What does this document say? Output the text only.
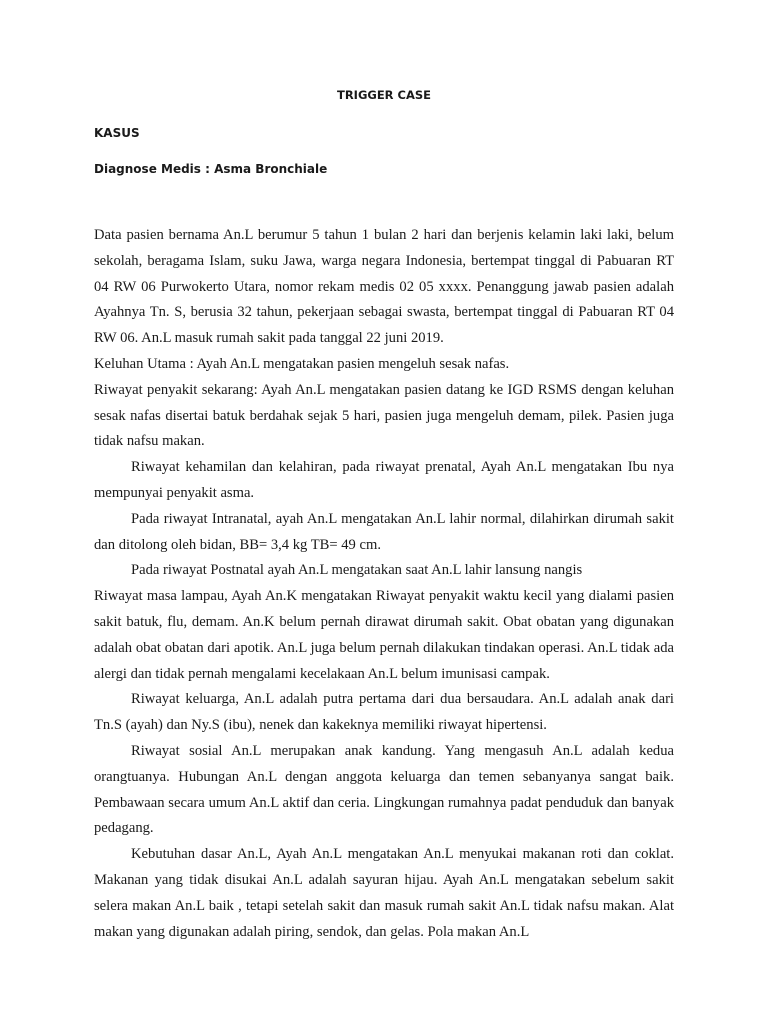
TRIGGER CASE
KASUS
Diagnose Medis : Asma Bronchiale

Data pasien bernama An.L berumur 5 tahun 1 bulan 2 hari dan berjenis kelamin laki laki, belum sekolah, beragama Islam, suku Jawa, warga negara Indonesia, bertempat tinggal di Pabuaran RT 04 RW 06 Purwokerto Utara, nomor rekam medis 02 05 xxxx. Penanggung jawab pasien adalah Ayahnya Tn. S, berusia 32 tahun, pekerjaan sebagai swasta, bertempat tinggal di Pabuaran RT 04 RW 06. An.L masuk rumah sakit pada tanggal 22 juni 2019.

Keluhan Utama : Ayah An.L mengatakan pasien mengeluh sesak nafas.

Riwayat penyakit sekarang: Ayah An.L mengatakan pasien datang ke IGD RSMS dengan keluhan sesak nafas disertai batuk berdahak sejak 5 hari, pasien juga mengeluh demam, pilek. Pasien juga tidak nafsu makan.

Riwayat kehamilan dan kelahiran, pada riwayat prenatal, Ayah An.L mengatakan Ibu nya mempunyai penyakit asma.

Pada riwayat Intranatal, ayah An.L mengatakan An.L lahir normal, dilahirkan dirumah sakit dan ditolong oleh bidan, BB= 3,4 kg TB= 49 cm.

Pada riwayat Postnatal ayah An.L mengatakan saat An.L lahir lansung nangis

Riwayat masa lampau, Ayah An.K mengatakan Riwayat penyakit waktu kecil yang dialami pasien sakit batuk, flu, demam. An.K belum pernah dirawat dirumah sakit. Obat obatan yang digunakan adalah obat obatan dari apotik. An.L juga belum pernah dilakukan tindakan operasi. An.L tidak ada alergi dan tidak pernah mengalami kecelakaan An.L belum imunisasi campak.

Riwayat keluarga, An.L adalah putra pertama dari dua bersaudara. An.L adalah anak dari Tn.S (ayah) dan Ny.S (ibu), nenek dan kakeknya memiliki riwayat hipertensi.

Riwayat sosial An.L merupakan anak kandung. Yang mengasuh An.L adalah kedua orangtuanya. Hubungan An.L dengan anggota keluarga dan temen sebanyanya sangat baik. Pembawaan secara umum An.L aktif dan ceria. Lingkungan rumahnya padat penduduk dan banyak pedagang.

Kebutuhan dasar An.L, Ayah An.L mengatakan An.L menyukai makanan roti dan coklat. Makanan yang tidak disukai An.L adalah sayuran hijau. Ayah An.L mengatakan sebelum sakit selera makan An.L baik , tetapi setelah sakit dan masuk rumah sakit An.L tidak nafsu makan. Alat makan yang digunakan adalah piring, sendok, dan gelas. Pola makan An.L
